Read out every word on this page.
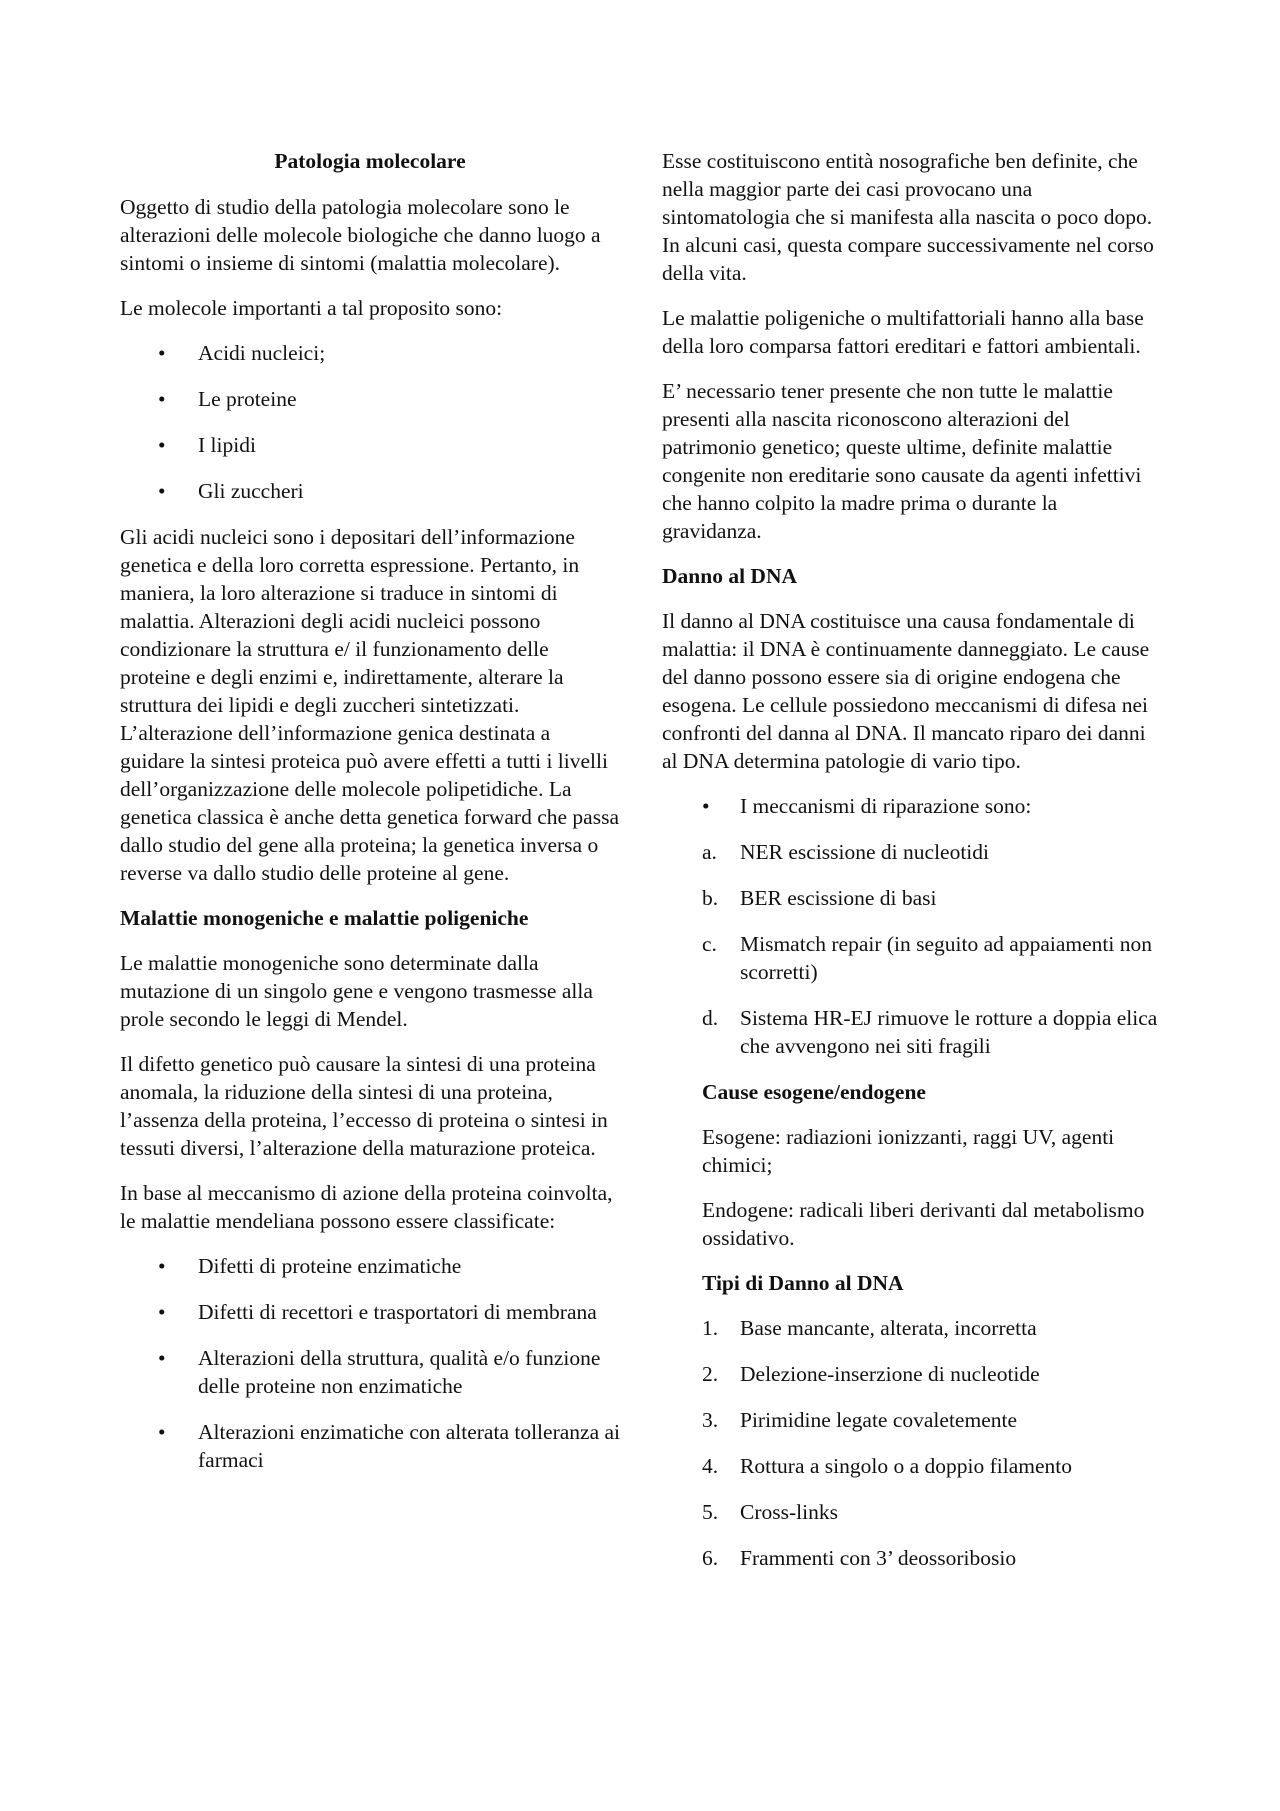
Patologia molecolare

Oggetto di studio della patologia molecolare sono le alterazioni delle molecole biologiche che danno luogo a sintomi o insieme di sintomi (malattia molecolare).

Le molecole importanti a tal proposito sono:

• Acidi nucleici;
• Le proteine
• I lipidi
• Gli zuccheri

Gli acidi nucleici sono i depositari dell’informazione genetica e della loro corretta espressione. Pertanto, in maniera, la loro alterazione si traduce in sintomi di malattia. Alterazioni degli acidi nucleici possono condizionare la struttura e/ il funzionamento delle proteine e degli enzimi e, indirettamente, alterare la struttura dei lipidi e degli zuccheri sintetizzati. L’alterazione dell’informazione genica destinata a guidare la sintesi proteica può avere effetti a tutti i livelli dell’organizzazione delle molecole polipetidiche. La genetica classica è anche detta genetica forward che passa dallo studio del gene alla proteina; la genetica inversa o reverse va dallo studio delle proteine al gene.

Malattie monogeniche e malattie poligeniche

Le malattie monogeniche sono determinate dalla mutazione di un singolo gene e vengono trasmesse alla prole secondo le leggi di Mendel.

Il difetto genetico può causare la sintesi di una proteina anomala, la riduzione della sintesi di una proteina, l’assenza della proteina, l’eccesso di proteina o sintesi in tessuti diversi, l’alterazione della maturazione proteica.

In base al meccanismo di azione della proteina coinvolta, le malattie mendeliana possono essere classificate:

• Difetti di proteine enzimatiche
• Difetti di recettori e trasportatori di membrana
• Alterazioni della struttura, qualità e/o funzione delle proteine non enzimatiche
• Alterazioni enzimatiche con alterata tolleranza ai farmaci

Esse costituiscono entità nosografiche ben definite, che nella maggior parte dei casi provocano una sintomatologia che si manifesta alla nascita o poco dopo. In alcuni casi, questa compare successivamente nel corso della vita.

Le malattie poligeniche o multifattoriali hanno alla base della loro comparsa fattori ereditari e fattori ambientali.

E’ necessario tener presente che non tutte le malattie presenti alla nascita riconoscono alterazioni del patrimonio genetico; queste ultime, definite malattie congenite non ereditarie sono causate da agenti infettivi che hanno colpito la madre prima o durante la gravidanza.

Danno al DNA

Il danno al DNA costituisce una causa fondamentale di malattia: il DNA è continuamente danneggiato. Le cause del danno possono essere sia di origine endogena che esogena. Le cellule possiedono meccanismi di difesa nei confronti del danna al DNA. Il mancato riparo dei danni al DNA determina patologie di vario tipo.

• I meccanismi di riparazione sono:
a. NER escissione di nucleotidi
b. BER escissione di basi
c. Mismatch repair (in seguito ad appaiamenti non scorretti)
d. Sistema HR-EJ rimuove le rotture a doppia elica che avvengono nei siti fragili

Cause esogene/endogene

Esogene: radiazioni ionizzanti, raggi UV, agenti chimici;

Endogene: radicali liberi derivanti dal metabolismo ossidativo.

Tipi di Danno al DNA

1. Base mancante, alterata, incorretta
2. Delezione-inserzione di nucleotide
3. Pirimidine legate covaletemente
4. Rottura a singolo o a doppio filamento
5. Cross-links
6. Frammenti con 3’ deossoribosio
